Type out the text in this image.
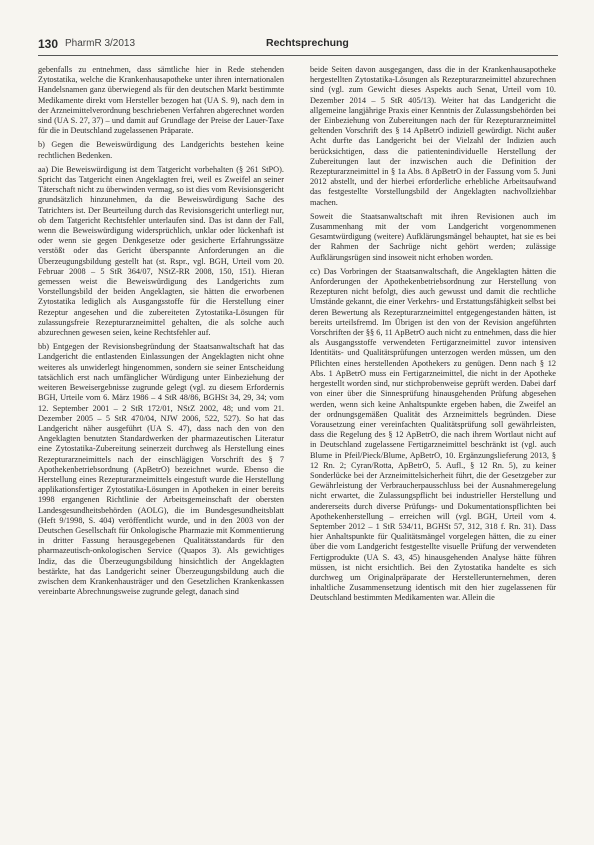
130 PharmR 3/2013	Rechtsprechung

gebenfalls zu entnehmen, dass sämtliche hier in Rede stehenden Zytostatika, welche die Krankenhausapotheke unter ihren internationalen Handelsnamen ganz überwiegend als für den deutschen Markt bestimmte Medikamente direkt vom Hersteller bezogen hat (UA S. 9), nach dem in der Arzneimittelverordnung beschriebenen Verfahren abgerechnet worden sind (UA S. 27, 37) – und damit auf Grundlage der Preise der Lauer-Taxe für die in Deutschland zugelassenen Präparate.

b) Gegen die Beweiswürdigung des Landgerichts bestehen keine rechtlichen Bedenken.

aa) Die Beweiswürdigung ist dem Tatgericht vorbehalten (§ 261 StPO). Spricht das Tatgericht einen Angeklagten frei, weil es Zweifel an seiner Täterschaft nicht zu überwinden vermag, so ist dies vom Revisionsgericht grundsätzlich hinzunehmen, da die Beweiswürdigung Sache des Tatrichters ist. Der Beurteilung durch das Revisionsgericht unterliegt nur, ob dem Tatgericht Rechtsfehler unterlaufen sind. Das ist dann der Fall, wenn die Beweiswürdigung widersprüchlich, unklar oder lückenhaft ist oder wenn sie gegen Denkgesetze oder gesicherte Erfahrungssätze verstößt oder das Gericht überspannte Anforderungen an die Überzeugungsbildung gestellt hat (st. Rspr., vgl. BGH, Urteil vom 20. Februar 2008 – 5 StR 364/07, NStZ-RR 2008, 150, 151). Hieran gemessen weist die Beweiswürdigung des Landgerichts zum Vorstellungsbild der beiden Angeklagten, sie hätten die erworbenen Zytostatika lediglich als Ausgangsstoffe für die Herstellung einer Rezeptur angesehen und die zubereiteten Zytostatika-Lösungen für zulassungsfreie Rezepturarzneimittel gehalten, die als solche auch abzurechnen gewesen seien, keine Rechtsfehler auf.

bb) Entgegen der Revisionsbegründung der Staatsanwaltschaft hat das Landgericht die entlastenden Einlassungen der Angeklagten nicht ohne weiteres als unwiderlegt hingenommen, sondern sie seiner Entscheidung tatsächlich erst nach umfänglicher Würdigung unter Einbeziehung der weiteren Beweisergebnisse zugrunde gelegt (vgl. zu diesem Erfordernis BGH, Urteile vom 6. März 1986 – 4 StR 48/86, BGHSt 34, 29, 34; vom 12. September 2001 – 2 StR 172/01, NStZ 2002, 48; und vom 21. Dezember 2005 – 5 StR 470/04, NJW 2006, 522, 527). So hat das Landgericht näher ausgeführt (UA S. 47), dass nach den von den Angeklagten benutzten Standardwerken der pharmazeutischen Literatur eine Zytostatika-Zubereitung seinerzeit durchweg als Herstellung eines Rezepturarzneimittels nach der einschlägigen Vorschrift des § 7 Apothekenbetriebsordnung (ApBetrO) bezeichnet wurde. Ebenso die Herstellung eines Rezepturarzneimittels eingestuft wurde die Herstellung applikationsfertiger Zytostatika-Lösungen in Apotheken in einer bereits 1998 ergangenen Richtlinie der Arbeitsgemeinschaft der obersten Landesgesundheitsbehörden (AOLG), die im Bundesgesundheitsblatt (Heft 9/1998, S. 404) veröffentlicht wurde, und in den 2003 von der Deutschen Gesellschaft für Onkologische Pharmazie mit Kommentierung in dritter Fassung herausgegebenen Qualitätsstandards für den pharmazeutisch-onkologischen Service (Quapos 3). Als gewichtiges Indiz, das die Überzeugungsbildung hinsichtlich der Angeklagten bestärkte, hat das Landgericht seiner Überzeugungsbildung auch die zwischen dem Krankenhausträger und den Gesetzlichen Krankenkassen vereinbarte Abrechnungsweise zugrunde gelegt, danach sind

beide Seiten davon ausgegangen, dass die in der Krankenhausapotheke hergestellten Zytostatika-Lösungen als Rezepturarzneimittel abzurechnen sind (vgl. zum Gewicht dieses Aspekts auch Senat, Urteil vom 10. Dezember 2014 – 5 StR 405/13). Weiter hat das Landgericht die allgemeine langjährige Praxis einer Kenntnis der Zulassungsbehörden bei der Einbeziehung von Zubereitungen nach der für Rezepturarzneimittel geltenden Vorschrift des § 14 ApBetrO indiziell gewürdigt. Nicht außer Acht durfte das Landgericht bei der Vielzahl der Indizien auch berücksichtigen, dass die patientenindividuelle Herstellung der Zubereitungen laut der inzwischen auch die Definition der Rezepturarzneimittel in § 1a Abs. 8 ApBetrO in der Fassung vom 5. Juni 2012 abstellt, und der hierbei erforderliche erhebliche Arbeitsaufwand das festgestellte Vorstellungsbild der Angeklagten nachvollziehbar machen.

Soweit die Staatsanwaltschaft mit ihren Revisionen auch im Zusammenhang mit der vom Landgericht vorgenommenen Gesamtwürdigung (weitere) Aufklärungsmängel behauptet, hat sie es bei der Rahmen der Sachrüge nicht gehört werden; zulässige Aufklärungsrügen sind insoweit nicht erhoben worden.

cc) Das Vorbringen der Staatsanwaltschaft, die Angeklagten hätten die Anforderungen der Apothekenbetriebsordnung zur Herstellung von Rezepturen nicht befolgt, dies auch gewusst und damit die rechtliche Umstände gekannt, die einer Verkehrs- und Erstattungsfähigkeit selbst bei deren Bewertung als Rezepturarzneimittel entgegengestanden hätten, ist bereits urteilsfremd. Im Übrigen ist den von der Revision angeführten Vorschriften der §§ 6, 11 ApBetrO auch nicht zu entnehmen, dass die hier als Ausgangsstoffe verwendeten Fertigarzneimittel zuvor intensiven Identitäts- und Qualitätsprüfungen unterzogen werden müssen, um den Pflichten eines herstellenden Apothekers zu genügen. Denn nach § 12 Abs. 1 ApBetrO muss ein Fertigarzneimittel, die nicht in der Apotheke hergestellt worden sind, nur stichprobenweise geprüft werden. Dabei darf von einer über die Sinnesprüfung hinausgehenden Prüfung abgesehen werden, wenn sich keine Anhaltspunkte ergeben haben, die Zweifel an der ordnungsgemäßen Qualität des Arzneimittels begründen. Diese Vorausetzung einer vereinfachten Qualitätsprüfung soll gewährleisten, dass die Regelung des § 12 ApBetrO, die nach ihrem Wortlaut nicht auf in Deutschland zugelassene Fertigarzneimittel beschränkt ist (vgl. auch Blume in Pfeil/Pieck/Blume, ApBetrO, 10. Ergänzungslieferung 2013, § 12 Rn. 2; Cyran/Rotta, ApBetrO, 5. Aufl., § 12 Rn. 5), zu keiner Sonderlücke bei der Arzneimittelsicherheit führt, die der Gesetzgeber zur Gewährleistung der Verbraucherpausschluss bei der Ausnahmeregelung nicht erwartet, die Zulassungspflicht bei industrieller Herstellung und andererseits durch diverse Prüfungs- und Dokumentationspflichten bei Apothekenherstellung – erreichen will (vgl. BGH, Urteil vom 4. September 2012 – 1 StR 534/11, BGHSt 57, 312, 318 f. Rn. 31). Dass hier Anhaltspunkte für Qualitätsmängel vorgelegen hätten, die zu einer über die vom Landgericht festgestellte visuelle Prüfung der verwendeten Fertigprodukte (UA S. 43, 45) hinausgehenden Analyse hätte führen müssen, ist nicht ersichtlich. Bei den Zytostatika handelte es sich durchweg um Originalpräparate der Herstellerunternehmen, deren inhaltliche Zusammensetzung identisch mit den hier zugelassenen für Deutschland bestimmten Medikamenten war. Allein die
